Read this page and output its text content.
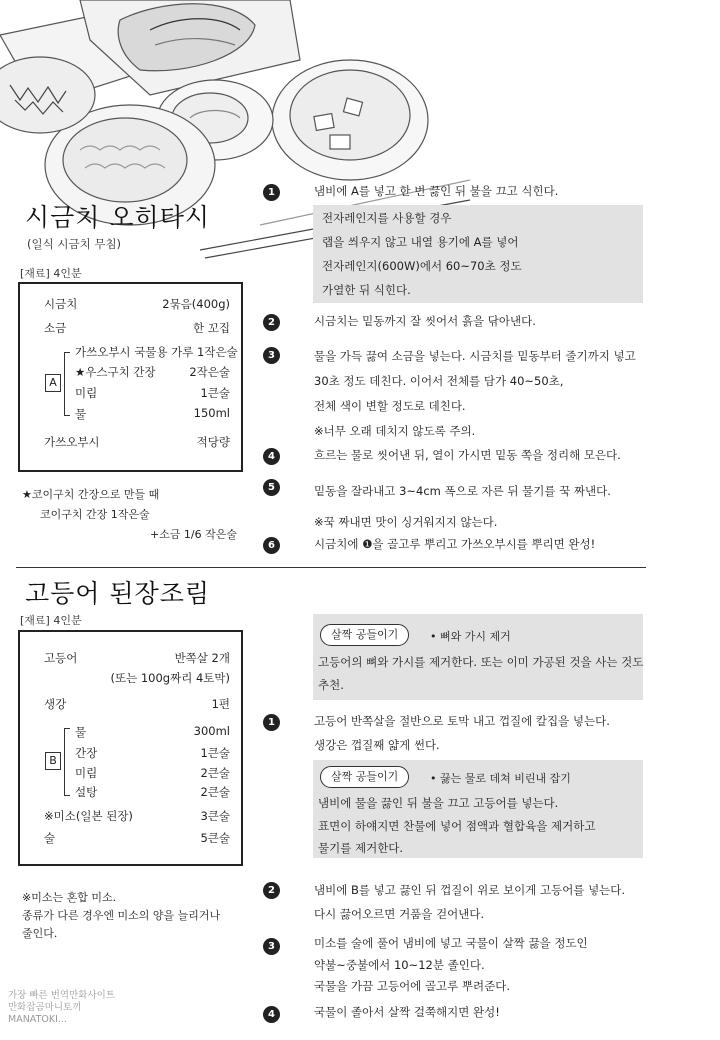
시금치 오히타시
(일식 시금치 무침)
[재료] 4인분
시금치	2묶음(400g)
소금	한 꼬집
A
가쓰오부시 국물용 가루 1작은술
★우스구치 간장	2작은술
미림	1큰술
물	150ml
가쓰오부시	적당량
★코이구치 간장으로 만들 때
코이구치 간장 1작은술
+소금 1/6 작은술
1	냄비에 A를 넣고 한 번 끓인 뒤 불을 끄고 식힌다.
전자레인지를 사용할 경우
랩을 씌우지 않고 내열 용기에 A를 넣어
전자레인지(600W)에서 60~70초 정도
가열한 뒤 식힌다.
2	시금치는 밑동까지 잘 씻어서 흙을 닦아낸다.
3	물을 가득 끓여 소금을 넣는다. 시금치를 밑동부터 줄기까지 넣고
30초 정도 데친다. 이어서 전체를 담가 40~50초,
전체 색이 변할 정도로 데친다.
※너무 오래 데치지 않도록 주의.
4	흐르는 물로 씻어낸 뒤, 열이 가시면 밑동 쪽을 정리해 모은다.
5	밑동을 잘라내고 3~4cm 폭으로 자른 뒤 물기를 꾹 짜낸다.
※꾹 짜내면 맛이 싱거워지지 않는다.
6	시금치에 ❶을 골고루 뿌리고 가쓰오부시를 뿌리면 완성!
고등어 된장조림
[재료] 4인분
고등어	반쪽살 2개
(또는 100g짜리 4토막)
생강	1편
B
물	300ml
간장	1큰술
미림	2큰술
설탕	2큰술
※미소(일본 된장)	3큰술
술	5큰술
※미소는 혼합 미소.
종류가 다른 경우엔 미소의 양을 늘리거나
줄인다.
살짝 공들이기	• 뼈와 가시 제거
고등어의 뼈와 가시를 제거한다. 또는 이미 가공된 것을 사는 것도
추천.
1	고등어 반쪽살을 절반으로 토막 내고 껍질에 칼집을 넣는다.
생강은 껍질째 얇게 썬다.
살짝 공들이기	• 끓는 물로 데쳐 비린내 잡기
냄비에 물을 끓인 뒤 불을 끄고 고등어를 넣는다.
표면이 하얘지면 찬물에 넣어 점액과 혈합육을 제거하고
물기를 제거한다.
2	냄비에 B를 넣고 끓인 뒤 껍질이 위로 보이게 고등어를 넣는다.
다시 끓어오르면 거품을 걷어낸다.
3	미소를 술에 풀어 냄비에 넣고 국물이 살짝 끓을 정도인
약불~중불에서 10~12분 졸인다.
국물을 가끔 고등어에 골고루 뿌려준다.
4	국물이 졸아서 살짝 걸쭉해지면 완성!
가장 빠른 번역만화사이트
만화잡곰마니토끼
MANATOKI...
